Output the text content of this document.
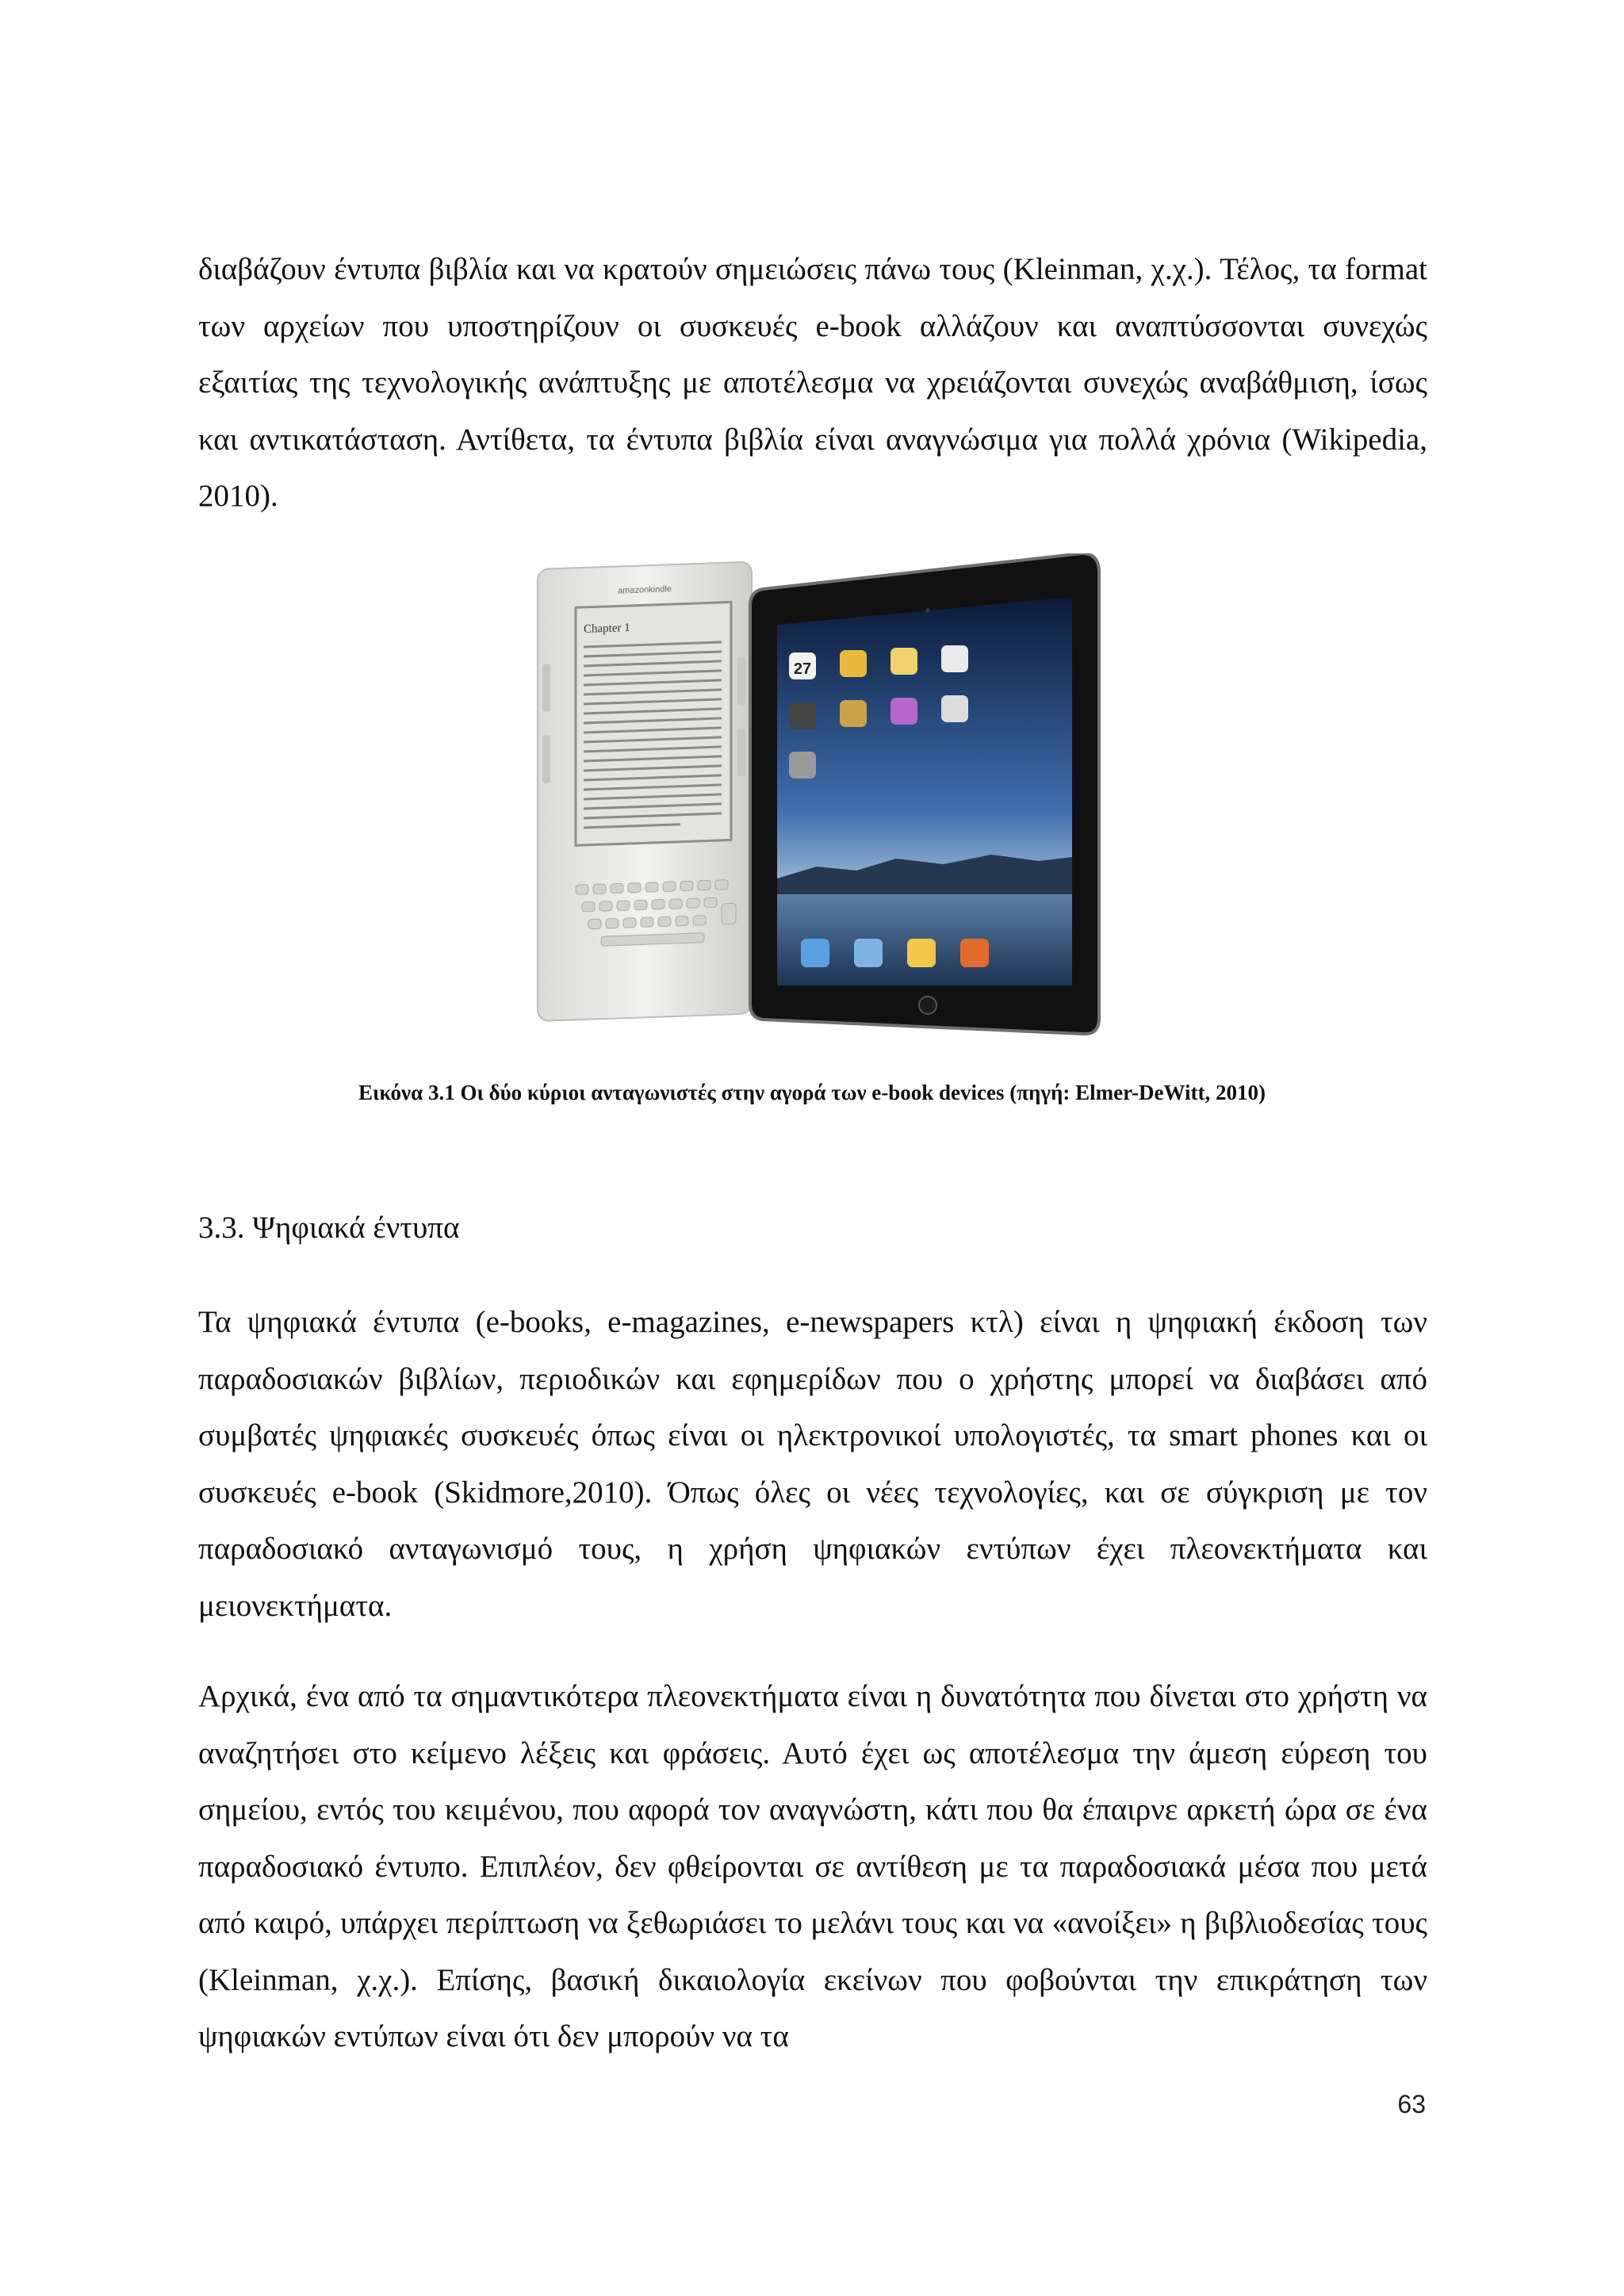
διαβάζουν έντυπα βιβλία και να κρατούν σημειώσεις πάνω τους (Kleinman, χ.χ.). Τέλος, τα format των αρχείων που υποστηρίζουν οι συσκευές e-book αλλάζουν και αναπτύσσονται συνεχώς εξαιτίας της τεχνολογικής ανάπτυξης με αποτέλεσμα να χρειάζονται συνεχώς αναβάθμιση, ίσως και αντικατάσταση. Αντίθετα, τα έντυπα βιβλία είναι αναγνώσιμα για πολλά χρόνια (Wikipedia, 2010).

amazonkindle
Chapter 1
27

Εικόνα 3.1 Οι δύο κύριοι ανταγωνιστές στην αγορά των e-book devices (πηγή: Elmer-DeWitt, 2010)

3.3. Ψηφιακά έντυπα

Τα ψηφιακά έντυπα (e-books, e-magazines, e-newspapers κτλ) είναι η ψηφιακή έκδοση των παραδοσιακών βιβλίων, περιοδικών και εφημερίδων που ο χρήστης μπορεί να διαβάσει από συμβατές ψηφιακές συσκευές όπως είναι οι ηλεκτρονικοί υπολογιστές, τα smart phones και οι συσκευές e-book (Skidmore,2010). Όπως όλες οι νέες τεχνολογίες, και σε σύγκριση με τον παραδοσιακό ανταγωνισμό τους, η χρήση ψηφιακών εντύπων έχει πλεονεκτήματα και μειονεκτήματα.

Αρχικά, ένα από τα σημαντικότερα πλεονεκτήματα είναι η δυνατότητα που δίνεται στο χρήστη να αναζητήσει στο κείμενο λέξεις και φράσεις. Αυτό έχει ως αποτέλεσμα την άμεση εύρεση του σημείου, εντός του κειμένου, που αφορά τον αναγνώστη, κάτι που θα έπαιρνε αρκετή ώρα σε ένα παραδοσιακό έντυπο. Επιπλέον, δεν φθείρονται σε αντίθεση με τα παραδοσιακά μέσα που μετά από καιρό, υπάρχει περίπτωση να ξεθωριάσει το μελάνι τους και να «ανοίξει» η βιβλιοδεσίας τους (Kleinman, χ.χ.). Επίσης, βασική δικαιολογία εκείνων που φοβούνται την επικράτηση των ψηφιακών εντύπων είναι ότι δεν μπορούν να τα

63
